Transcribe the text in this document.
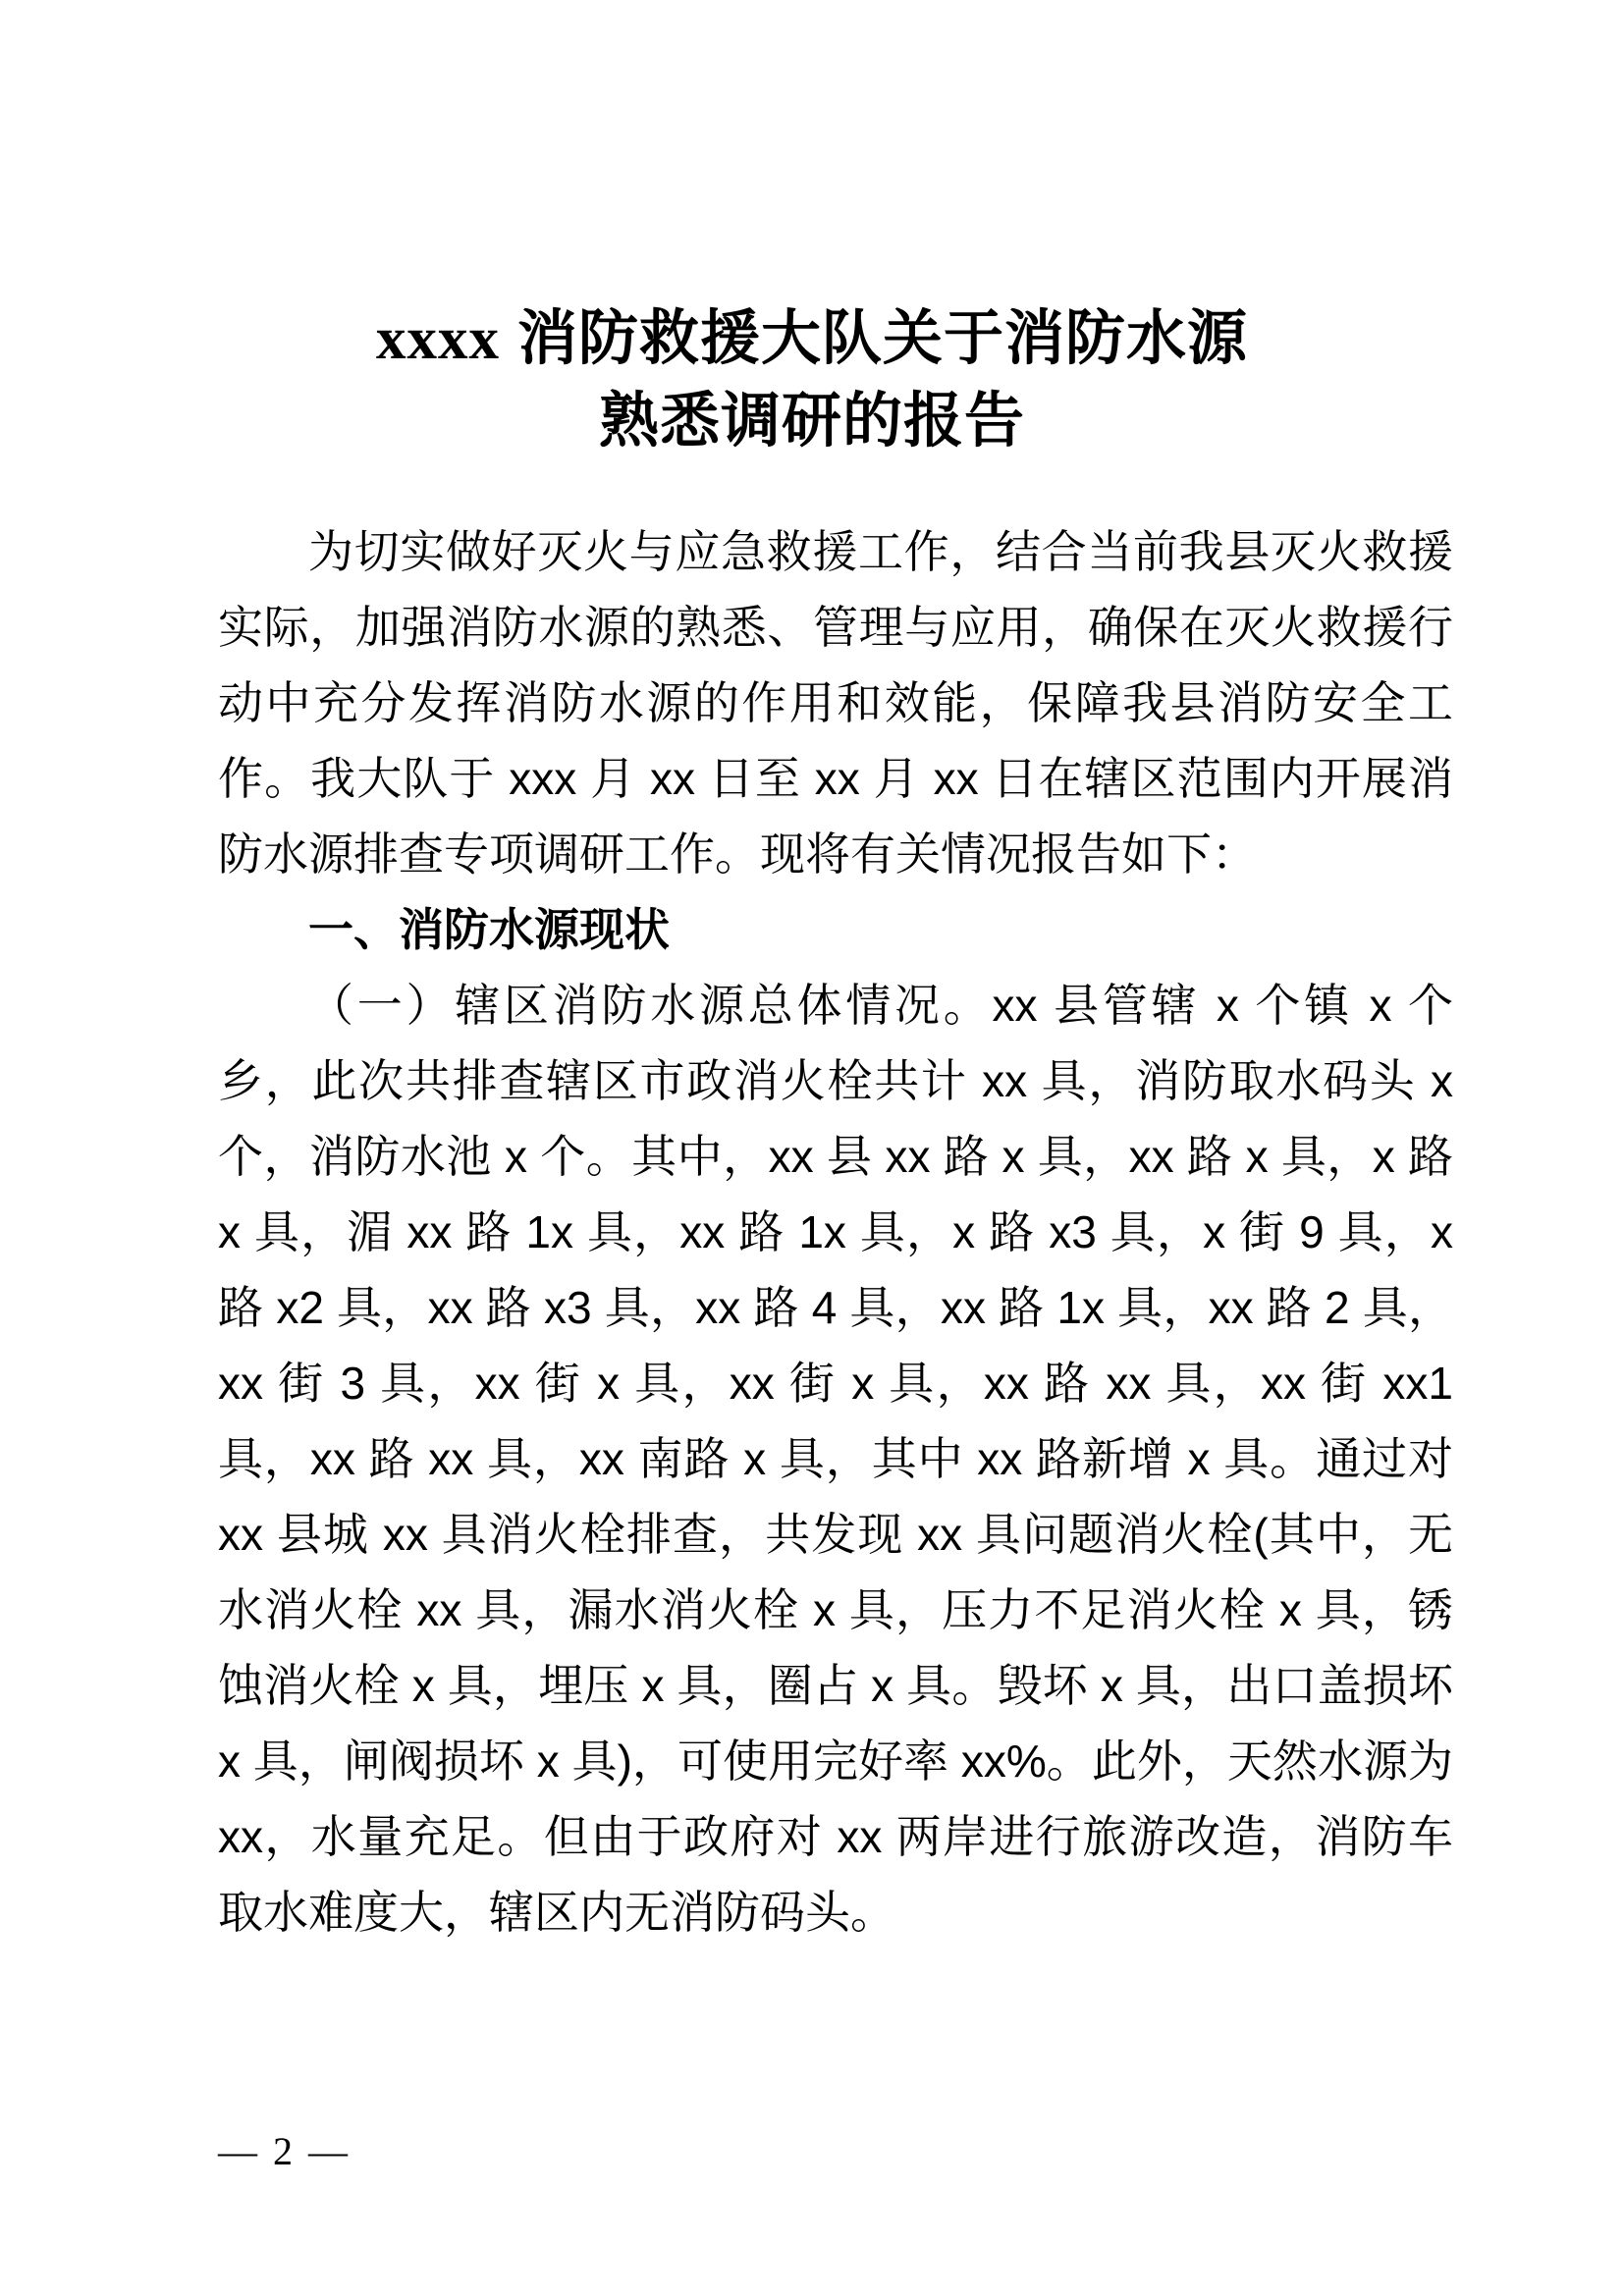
xxxx 消防救援大队关于消防水源
熟悉调研的报告

为切实做好灭火与应急救援工作，结合当前我县灭火救援实际，加强消防水源的熟悉、管理与应用，确保在灭火救援行动中充分发挥消防水源的作用和效能，保障我县消防安全工作。我大队于 xxx 月 xx 日至 xx 月 xx 日在辖区范围内开展消防水源排查专项调研工作。现将有关情况报告如下：

一、消防水源现状

（一）辖区消防水源总体情况。xx 县管辖 x 个镇 x 个乡，此次共排查辖区市政消火栓共计 xx 具，消防取水码头 x 个，消防水池 x 个。其中，xx 县 xx 路 x 具，xx 路 x 具，x 路 x 具，湄 xx 路 1x 具，xx 路 1x 具，x 路 x3 具，x 街 9 具，x 路 x2 具，xx 路 x3 具，xx 路 4 具，xx 路 1x 具，xx 路 2 具，xx 街 3 具，xx 街 x 具，xx 街 x 具，xx 路 xx 具，xx 街 xx1 具，xx 路 xx 具，xx 南路 x 具，其中 xx 路新增 x 具。通过对 xx 县城 xx 具消火栓排查，共发现 xx 具问题消火栓(其中，无水消火栓 xx 具，漏水消火栓 x 具，压力不足消火栓 x 具，锈蚀消火栓 x 具，埋压 x 具，圈占 x 具。毁坏 x 具，出口盖损坏 x 具，闸阀损坏 x 具)，可使用完好率 xx%。此外，天然水源为 xx，水量充足。但由于政府对 xx 两岸进行旅游改造，消防车取水难度大，辖区内无消防码头。

— 2 —
